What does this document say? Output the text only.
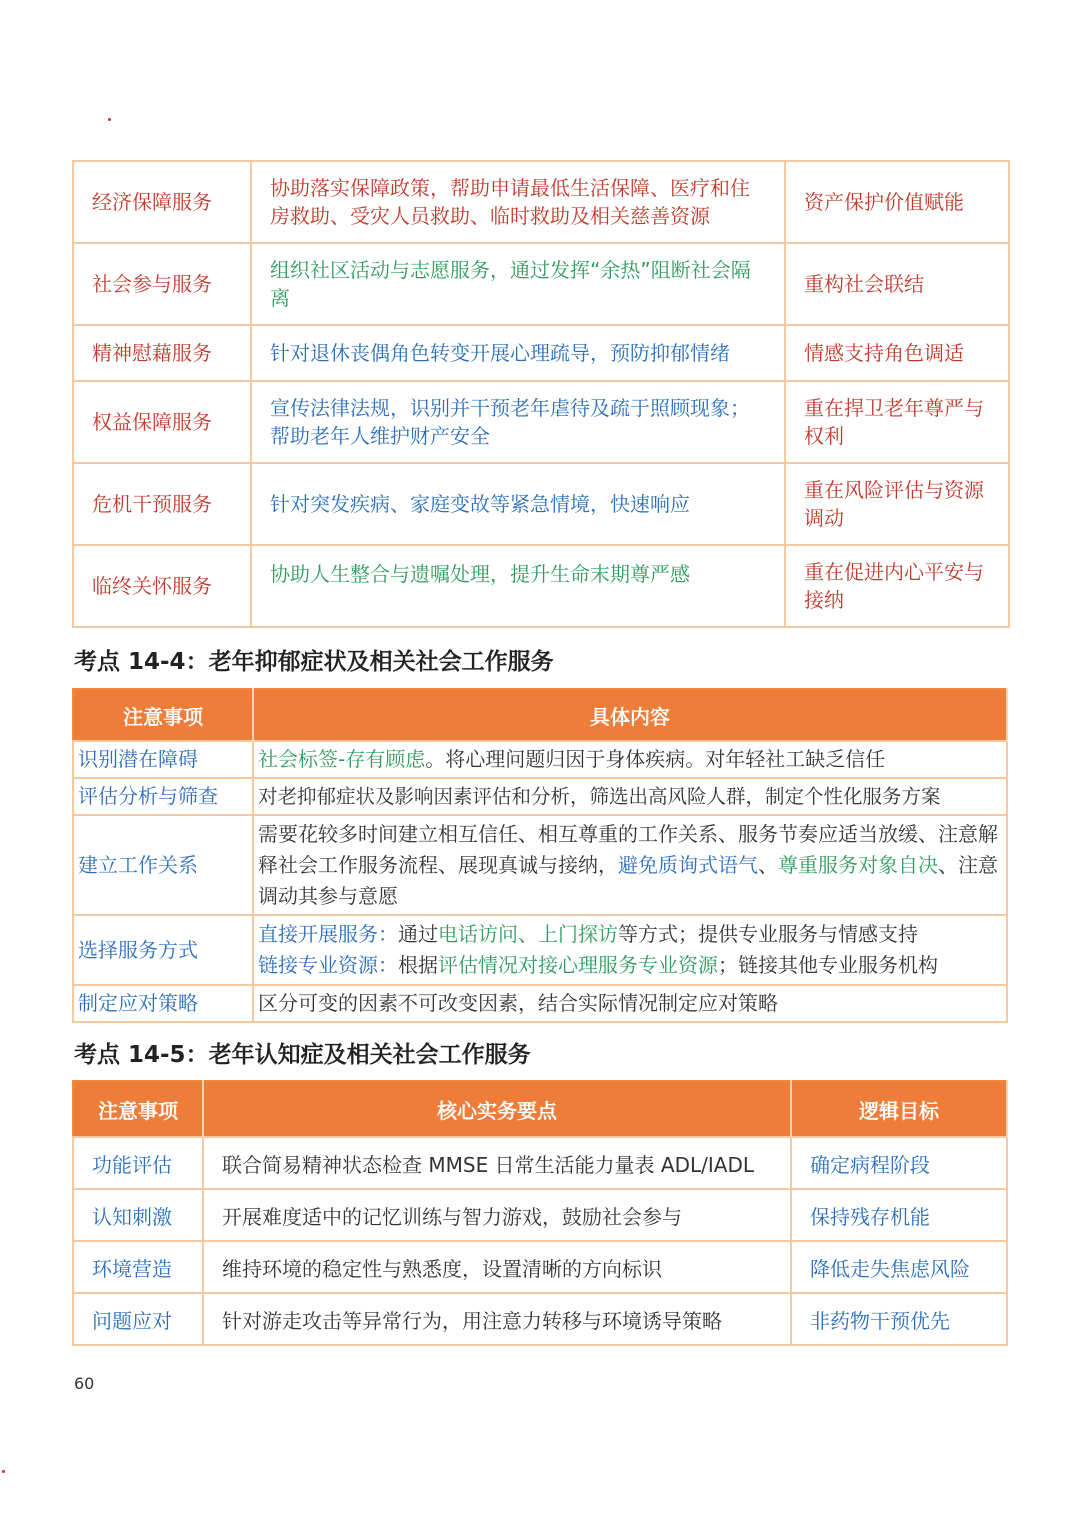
经济保障服务	协助落实保障政策，帮助申请最低生活保障、医疗和住房救助、受灾人员救助、临时救助及相关慈善资源	资产保护价值赋能
社会参与服务	组织社区活动与志愿服务，通过发挥“余热”阻断社会隔离	重构社会联结
精神慰藉服务	针对退休丧偶角色转变开展心理疏导，预防抑郁情绪	情感支持角色调适
权益保障服务	宣传法律法规，识别并干预老年虐待及疏于照顾现象；帮助老年人维护财产安全	重在捍卫老年尊严与权利
危机干预服务	针对突发疾病、家庭变故等紧急情境，快速响应	重在风险评估与资源调动
临终关怀服务	协助人生整合与遗嘱处理，提升生命末期尊严感	重在促进内心平安与接纳
考点 14-4：老年抑郁症状及相关社会工作服务
注意事项	具体内容
识别潜在障碍	社会标签-存有顾虑。将心理问题归因于身体疾病。对年轻社工缺乏信任
评估分析与筛查	对老抑郁症状及影响因素评估和分析，筛选出高风险人群，制定个性化服务方案
建立工作关系	需要花较多时间建立相互信任、相互尊重的工作关系、服务节奏应适当放缓、注意解释社会工作服务流程、展现真诚与接纳，避免质询式语气、尊重服务对象自决、注意调动其参与意愿
选择服务方式	直接开展服务：通过电话访问、上门探访等方式；提供专业服务与情感支持
链接专业资源：根据评估情况对接心理服务专业资源；链接其他专业服务机构
制定应对策略	区分可变的因素不可改变因素，结合实际情况制定应对策略
考点 14-5：老年认知症及相关社会工作服务
注意事项	核心实务要点	逻辑目标
功能评估	联合简易精神状态检查 MMSE 日常生活能力量表 ADL/IADL	确定病程阶段
认知刺激	开展难度适中的记忆训练与智力游戏，鼓励社会参与	保持残存机能
环境营造	维持环境的稳定性与熟悉度，设置清晰的方向标识	降低走失焦虑风险
问题应对	针对游走攻击等异常行为，用注意力转移与环境诱导策略	非药物干预优先
60
